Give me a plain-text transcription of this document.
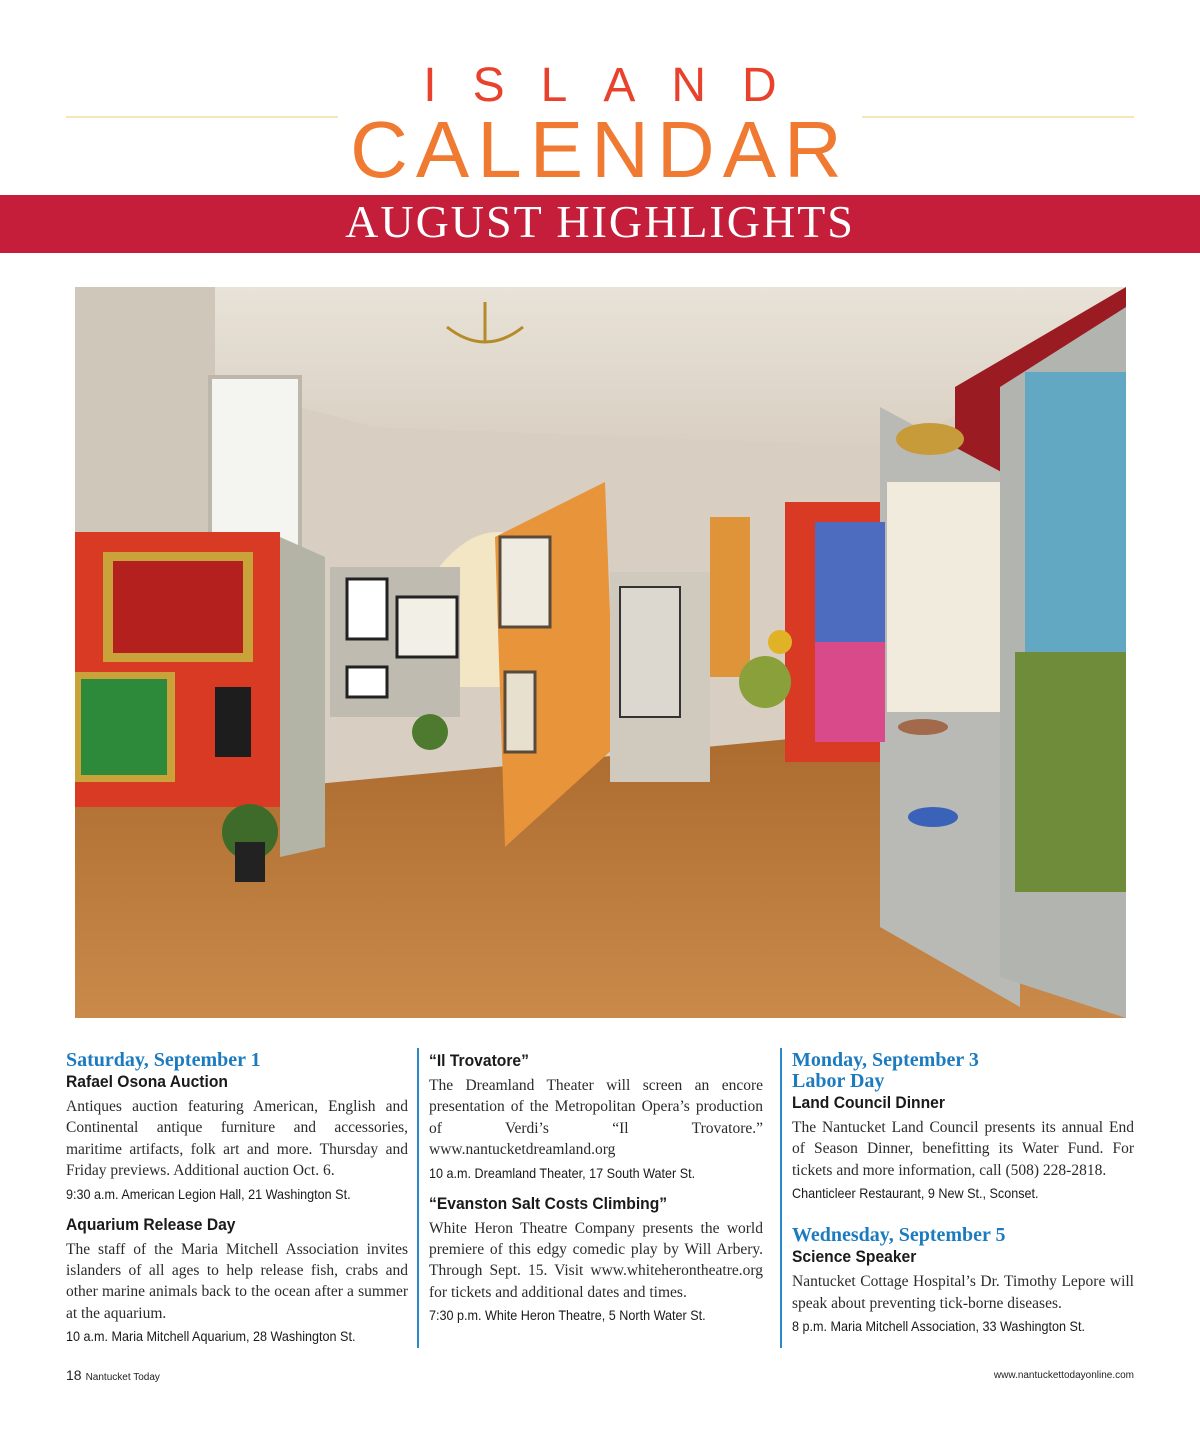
ISLAND
CALENDAR
AUGUST HIGHLIGHTS

Saturday, September 1

Rafael Osona Auction

Antiques auction featuring American, English and Continental antique furniture and accessories, maritime artifacts, folk art and more. Thursday and Friday previews. Additional auction Oct. 6.

9:30 a.m. American Legion Hall, 21 Washington St.

Aquarium Release Day

The staff of the Maria Mitchell Association invites islanders of all ages to help release fish, crabs and other marine animals back to the ocean after a summer at the aquarium.

10 a.m. Maria Mitchell Aquarium, 28 Washington St.

“Il Trovatore”

The Dreamland Theater will screen an encore presentation of the Metropolitan Opera’s production of Verdi’s “Il Trovatore.” www.nantucketdreamland.org

10 a.m. Dreamland Theater, 17 South Water St.

“Evanston Salt Costs Climbing”

White Heron Theatre Company presents the world premiere of this edgy comedic play by Will Arbery. Through Sept. 15. Visit www.whiteherontheatre.org for tickets and additional dates and times.

7:30 p.m. White Heron Theatre, 5 North Water St.

Monday, September 3

Labor Day

Land Council Dinner

The Nantucket Land Council presents its annual End of Season Dinner, benefitting its Water Fund. For tickets and more information, call (508) 228-2818.

Chanticleer Restaurant, 9 New St., Sconset.

Wednesday, September 5

Science Speaker

Nantucket Cottage Hospital’s Dr. Timothy Lepore will speak about preventing tick-borne diseases.

8 p.m. Maria Mitchell Association, 33 Washington St.

18 Nantucket Today	www.nantuckettodayonline.com
